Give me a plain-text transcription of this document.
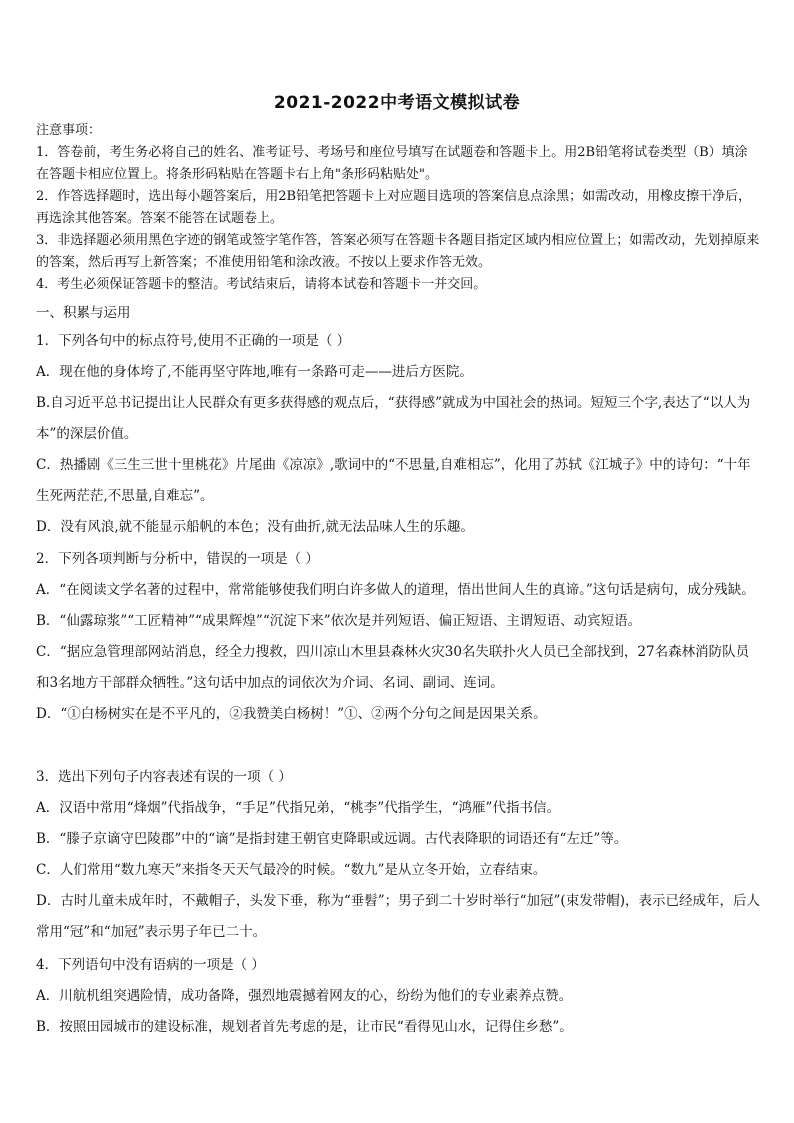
2021-2022中考语文模拟试卷
注意事项：
1．答卷前，考生务必将自己的姓名、准考证号、考场号和座位号填写在试题卷和答题卡上。用2B铅笔将试卷类型（B）填涂在答题卡相应位置上。将条形码粘贴在答题卡右上角"条形码粘贴处"。
2．作答选择题时，选出每小题答案后，用2B铅笔把答题卡上对应题目选项的答案信息点涂黑；如需改动，用橡皮擦干净后，再选涂其他答案。答案不能答在试题卷上。
3．非选择题必须用黑色字迹的钢笔或签字笔作答，答案必须写在答题卡各题目指定区域内相应位置上；如需改动，先划掉原来的答案，然后再写上新答案；不准使用铅笔和涂改液。不按以上要求作答无效。
4．考生必须保证答题卡的整洁。考试结束后，请将本试卷和答题卡一并交回。
一、积累与运用
1．下列各句中的标点符号,使用不正确的一项是（ ）
A．现在他的身体垮了,不能再坚守阵地,唯有一条路可走——进后方医院。
B.自习近平总书记提出让人民群众有更多获得感的观点后，“获得感”就成为中国社会的热词。短短三个字,表达了“以人为本”的深层价值。
C．热播剧《三生三世十里桃花》片尾曲《凉凉》,歌词中的“不思量,自难相忘”，化用了苏轼《江城子》中的诗句：“十年生死两茫茫,不思量,自难忘”。
D．没有风浪,就不能显示船帆的本色；没有曲折,就无法品味人生的乐趣。
2．下列各项判断与分析中，错误的一项是（ ）
A．“在阅读文学名著的过程中，常常能够使我们明白许多做人的道理，悟出世间人生的真谛。”这句话是病句，成分残缺。
B．“仙露琼浆”“工匠精神”“成果辉煌”“沉淀下来”依次是并列短语、偏正短语、主谓短语、动宾短语。
C．“据应急管理部网站消息，经全力搜救，四川凉山木里县森林火灾30名失联扑火人员已全部找到，27名森林消防队员和3名地方干部群众牺牲。”这句话中加点的词依次为介词、名词、副词、连词。
D．“①白杨树实在是不平凡的，②我赞美白杨树！”①、②两个分句之间是因果关系。
3．选出下列句子内容表述有误的一项（ ）
A．汉语中常用“烽烟”代指战争，“手足”代指兄弟，“桃李”代指学生，“鸿雁”代指书信。
B．“滕子京谪守巴陵郡”中的“谪”是指封建王朝官吏降职或远调。古代表降职的词语还有“左迁”等。
C．人们常用“数九寒天”来指冬天天气最冷的时候。“数九”是从立冬开始，立春结束。
D．古时儿童未成年时，不戴帽子，头发下垂，称为“垂髫”；男子到二十岁时举行“加冠”(束发带帽)，表示已经成年，后人常用“冠”和“加冠”表示男子年已二十。
4．下列语句中没有语病的一项是（ ）
A．川航机组突遇险情，成功备降，强烈地震撼着网友的心，纷纷为他们的专业素养点赞。
B．按照田园城市的建设标准，规划者首先考虑的是，让市民“看得见山水，记得住乡愁”。
